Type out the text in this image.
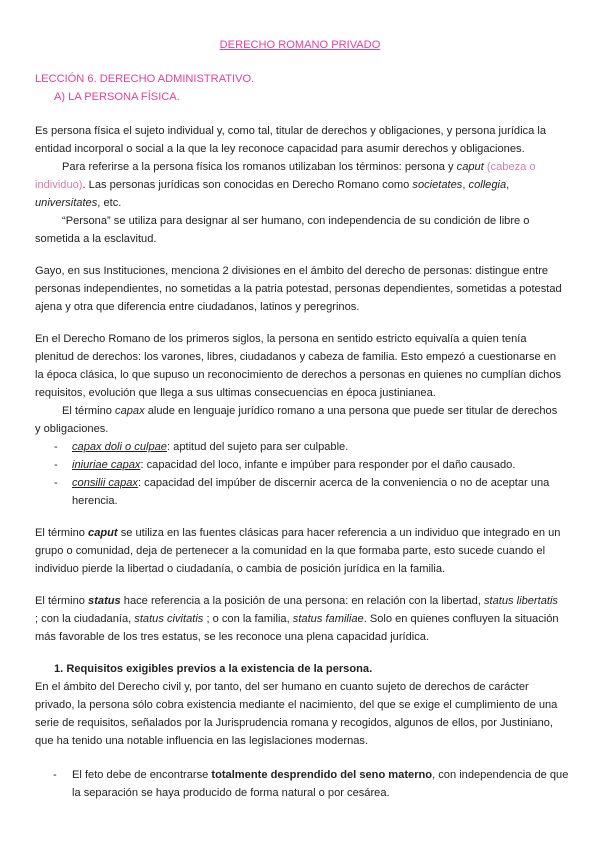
DERECHO ROMANO PRIVADO
LECCIÓN 6. DERECHO ADMINISTRATIVO.
A) LA PERSONA FÍSICA.
Es persona física el sujeto individual y, como tal, titular de derechos y obligaciones, y persona jurídica la
entidad incorporal o social a la que la ley reconoce capacidad para asumir derechos y obligaciones.
Para referirse a la persona física los romanos utilizaban los términos: persona y caput (cabeza o
individuo). Las personas jurídicas son conocidas en Derecho Romano como societates, collegia,
universitates, etc.
“Persona” se utiliza para designar al ser humano, con independencia de su condición de libre o
sometida a la esclavitud.
Gayo, en sus Instituciones, menciona 2 divisiones en el ámbito del derecho de personas: distingue entre
personas independientes, no sometidas a la patria potestad, personas dependientes, sometidas a potestad
ajena y otra que diferencia entre ciudadanos, latinos y peregrinos.
En el Derecho Romano de los primeros siglos, la persona en sentido estricto equivalía a quien tenía
plenitud de derechos: los varones, libres, ciudadanos y cabeza de familia. Esto empezó a cuestionarse en
la época clásica, lo que supuso un reconocimiento de derechos a personas en quienes no cumplían dichos
requisitos, evolución que llega a sus ultimas consecuencias en época justinianea.
El término capax alude en lenguaje jurídico romano a una persona que puede ser titular de derechos
y obligaciones.
- capax doli o culpae: aptitud del sujeto para ser culpable.
- iniuriae capax: capacidad del loco, infante e impúber para responder por el daño causado.
- consilii capax: capacidad del impúber de discernir acerca de la conveniencia o no de aceptar una
herencia.
El término caput se utiliza en las fuentes clásicas para hacer referencia a un individuo que integrado en un
grupo o comunidad, deja de pertenecer a la comunidad en la que formaba parte, esto sucede cuando el
individuo pierde la libertad o ciudadanía, o cambia de posición jurídica en la familia.
El término status hace referencia a la posición de una persona: en relación con la libertad, status libertatis
; con la ciudadanía, status civitatis ; o con la familia, status familiae. Solo en quienes confluyen la situación
más favorable de los tres estatus, se les reconoce una plena capacidad jurídica.
1. Requisitos exigibles previos a la existencia de la persona.
En el ámbito del Derecho civil y, por tanto, del ser humano en cuanto sujeto de derechos de carácter
privado, la persona sólo cobra existencia mediante el nacimiento, del que se exige el cumplimiento de una
serie de requisitos, señalados por la Jurisprudencia romana y recogidos, algunos de ellos, por Justiniano,
que ha tenido una notable influencia en las legislaciones modernas.
- El feto debe de encontrarse totalmente desprendido del seno materno, con independencia de que
la separación se haya producido de forma natural o por cesárea.
